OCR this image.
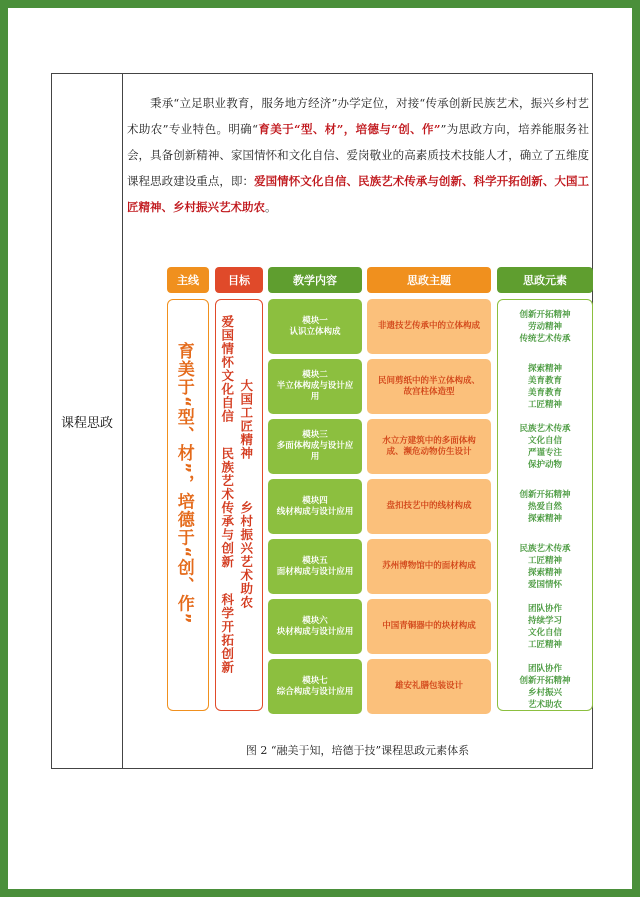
课程思政

秉承“立足职业教育，服务地方经济”办学定位，对接“传承创新民族艺术，振兴乡村艺术助农”专业特色。明确“育美于“型、材”，培德与“创、作””为思政方向，培养能服务社会，具备创新精神、家国情怀和文化自信、爱岗敬业的高素质技术技能人才，确立了五维度课程思政建设重点，即：爱国情怀文化自信、民族艺术传承与创新、科学开拓创新、大国工匠精神、乡村振兴艺术助农。

主线
育美于“型、材”，培德于“创、作”
目标	教学内容
模块一
认识立体构成
模块二
半立体构成与设计应用
模块三
多面体构成与设计应用
模块四
线材构成与设计应用
模块五
面材构成与设计应用
模块六
块材构成与设计应用
模块七
综合构成与设计应用
思政主题
非遗技艺传承中的立体构成
民间剪纸中的半立体构成、故宫柱体造型
水立方建筑中的多面体构成、濒危动物仿生设计
盘扣技艺中的线材构成
苏州博物馆中的面材构成
中国青铜器中的块材构成
雄安礼膳包装设计
思政元素
创新开拓精神
劳动精神
传统艺术传承
探索精神
美育教育
美育教育
工匠精神
民族艺术传承
文化自信
严谨专注
保护动物
创新开拓精神
热爱自然
探索精神
民族艺术传承
工匠精神
探索精神
爱国情怀
团队协作
持续学习
文化自信
工匠精神
团队协作
创新开拓精神
乡村振兴
艺术助农
爱国情怀文化自信
民族艺术传承与创新
科学开拓创新
大国工匠精神
乡村振兴艺术助农
图 2 “融美于知，培德于技”课程思政元素体系
